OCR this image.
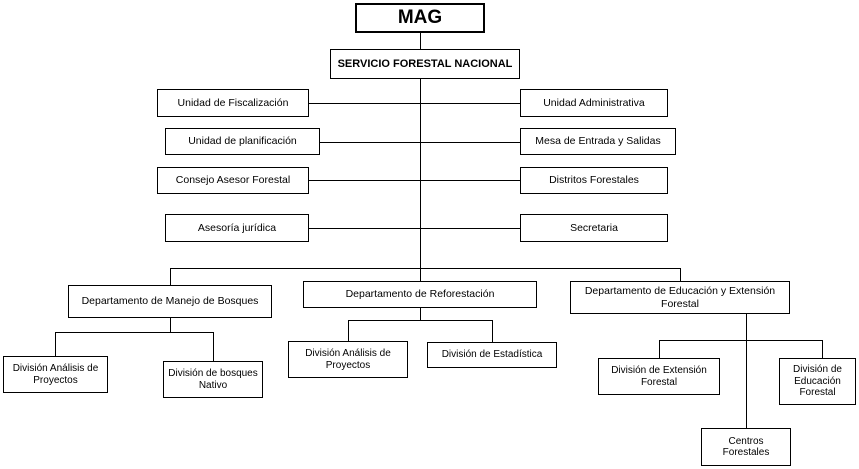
MAG
SERVICIO FORESTAL NACIONAL
Unidad de Fiscalización
Unidad de planificación
Consejo Asesor Forestal
Asesoría jurídica
Unidad Administrativa
Mesa de Entrada y Salidas
Distritos Forestales
Secretaria
Departamento de Manejo de Bosques
Departamento de Reforestación	Departamento de Educación y Extensión Forestal
División Análisis de Proyectos
División de bosques Nativo
División Análisis de Proyectos
División de Estadística
División de Extensión Forestal
División de Educación Forestal
Centros Forestales
